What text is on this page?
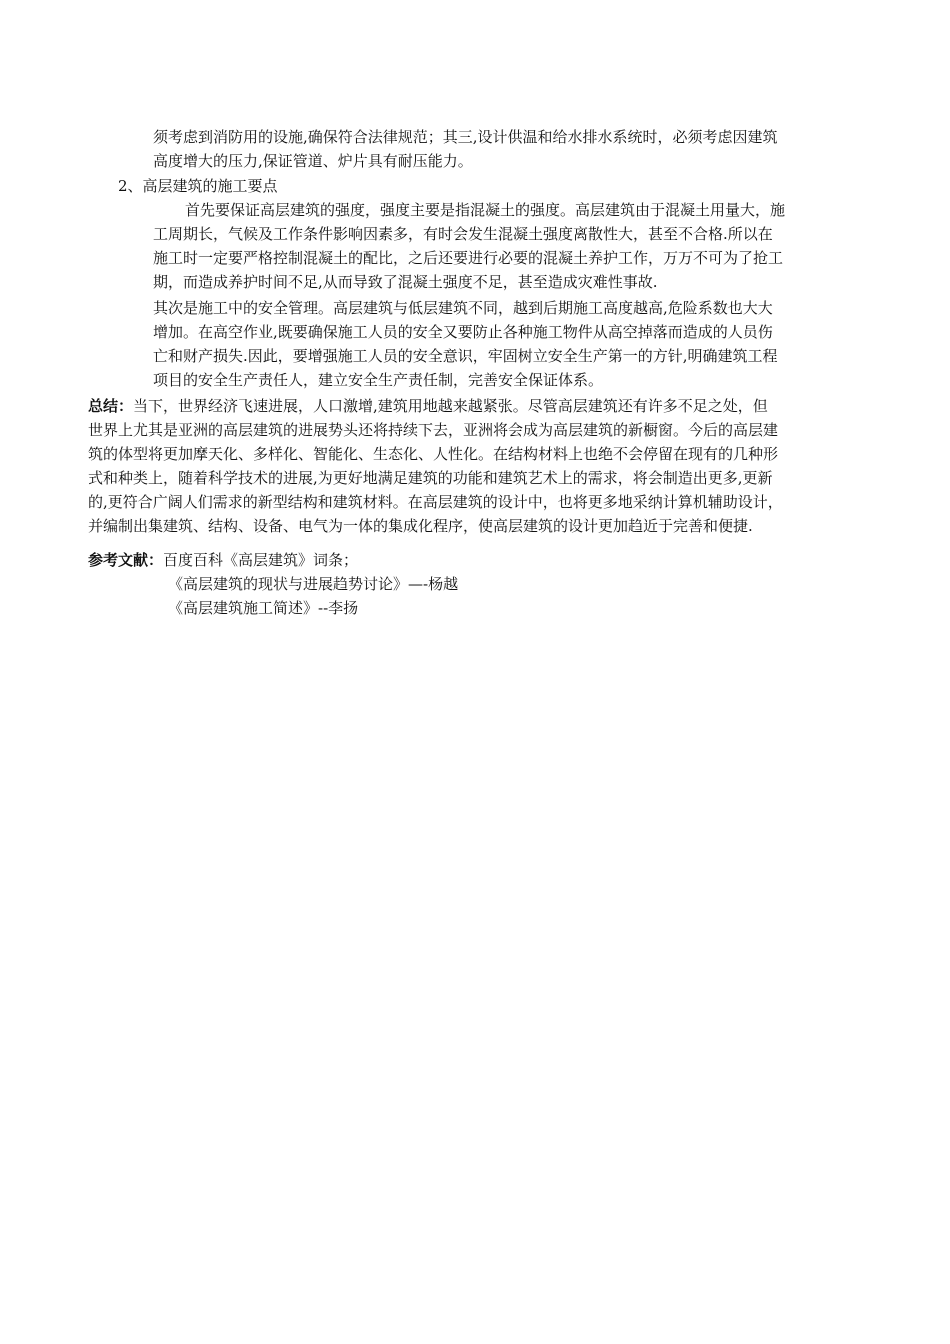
须考虑到消防用的设施,确保符合法律规范；其三,设计供温和给水排水系统时，必须考虑因建筑
高度增大的压力,保证管道、炉片具有耐压能力。
2、高层建筑的施工要点
首先要保证高层建筑的强度，强度主要是指混凝土的强度。高层建筑由于混凝土用量大，施
工周期长，气候及工作条件影响因素多，有时会发生混凝土强度离散性大，甚至不合格.所以在
施工时一定要严格控制混凝土的配比，之后还要进行必要的混凝土养护工作，万万不可为了抢工
期，而造成养护时间不足,从而导致了混凝土强度不足，甚至造成灾难性事故.
其次是施工中的安全管理。高层建筑与低层建筑不同，越到后期施工高度越高,危险系数也大大
增加。在高空作业,既要确保施工人员的安全又要防止各种施工物件从高空掉落而造成的人员伤
亡和财产损失.因此，要增强施工人员的安全意识，牢固树立安全生产第一的方针,明确建筑工程
项目的安全生产责任人，建立安全生产责任制，完善安全保证体系。
总结：当下，世界经济飞速进展，人口激增,建筑用地越来越紧张。尽管高层建筑还有许多不足之处，但
世界上尤其是亚洲的高层建筑的进展势头还将持续下去，亚洲将会成为高层建筑的新橱窗。今后的高层建
筑的体型将更加摩天化、多样化、智能化、生态化、人性化。在结构材料上也绝不会停留在现有的几种形
式和种类上，随着科学技术的进展,为更好地满足建筑的功能和建筑艺术上的需求，将会制造出更多,更新
的,更符合广阔人们需求的新型结构和建筑材料。在高层建筑的设计中，也将更多地采纳计算机辅助设计，
并编制出集建筑、结构、设备、电气为一体的集成化程序，使高层建筑的设计更加趋近于完善和便捷.
参考文献：百度百科《高层建筑》词条；
《高层建筑的现状与进展趋势讨论》—-杨越
《高层建筑施工简述》--李扬
